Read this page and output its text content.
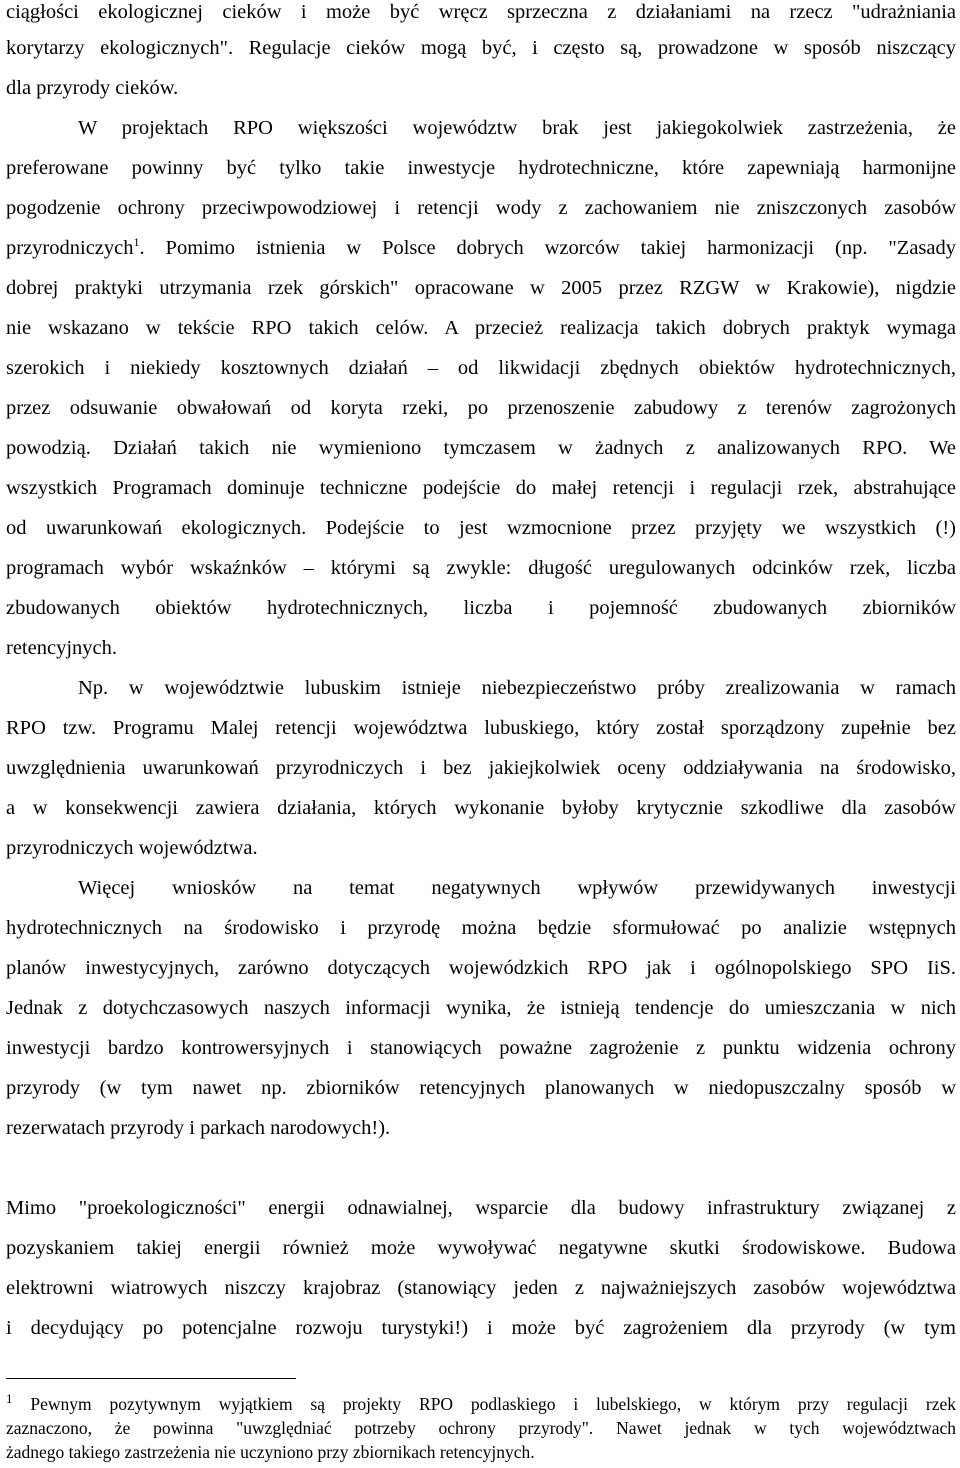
ciągłości ekologicznej cieków i może być wręcz sprzeczna z działaniami na rzecz "udrażniania
korytarzy ekologicznych". Regulacje cieków mogą być, i często są, prowadzone w sposób niszczący
dla przyrody cieków.
W projektach RPO większości województw brak jest jakiegokolwiek zastrzeżenia, że
preferowane powinny być tylko takie inwestycje hydrotechniczne, które zapewniają harmonijne
pogodzenie ochrony przeciwpowodziowej i retencji wody z zachowaniem nie zniszczonych zasobów
przyrodniczych$^1$. Pomimo istnienia w Polsce dobrych wzorców takiej harmonizacji (np. "Zasady
dobrej praktyki utrzymania rzek górskich" opracowane w 2005 przez RZGW w Krakowie), nigdzie
nie wskazano w tekście RPO takich celów. A przecież realizacja takich dobrych praktyk wymaga
szerokich i niekiedy kosztownych działań – od likwidacji zbędnych obiektów hydrotechnicznych,
przez odsuwanie obwałowań od koryta rzeki, po przenoszenie zabudowy z terenów zagrożonych
powodzią. Działań takich nie wymieniono tymczasem w żadnych z analizowanych RPO. We
wszystkich Programach dominuje techniczne podejście do małej retencji i regulacji rzek, abstrahujące
od uwarunkowań ekologicznych. Podejście to jest wzmocnione przez przyjęty we wszystkich (!)
programach wybór wskaźnków – którymi są zwykle: długość uregulowanych odcinków rzek, liczba
zbudowanych obiektów hydrotechnicznych, liczba i pojemność zbudowanych zbiorników
retencyjnych.
Np. w województwie lubuskim istnieje niebezpieczeństwo próby zrealizowania w ramach
RPO tzw. Programu Malej retencji województwa lubuskiego, który został sporządzony zupełnie bez
uwzględnienia uwarunkowań przyrodniczych i bez jakiejkolwiek oceny oddziaływania na środowisko,
a w konsekwencji zawiera działania, których wykonanie byłoby krytycznie szkodliwe dla zasobów
przyrodniczych województwa.
Więcej wniosków na temat negatywnych wpływów przewidywanych inwestycji
hydrotechnicznych na środowisko i przyrodę można będzie sformułować po analizie wstępnych
planów inwestycyjnych, zarówno dotyczących wojewódzkich RPO jak i ogólnopolskiego SPO IiS.
Jednak z dotychczasowych naszych informacji wynika, że istnieją tendencje do umieszczania w nich
inwestycji bardzo kontrowersyjnych i stanowiących poważne zagrożenie z punktu widzenia ochrony
przyrody (w tym nawet np. zbiorników retencyjnych planowanych w niedopuszczalny sposób w
rezerwatach przyrody i parkach narodowych!).
Mimo "proekologiczności" energii odnawialnej, wsparcie dla budowy infrastruktury związanej z
pozyskaniem takiej energii również może wywoływać negatywne skutki środowiskowe. Budowa
elektrowni wiatrowych niszczy krajobraz (stanowiący jeden z najważniejszych zasobów województwa
i decydujący po potencjalne rozwoju turystyki!) i może być zagrożeniem dla przyrody (w tym
$^1$ Pewnym pozytywnym wyjątkiem są projekty RPO podlaskiego i lubelskiego, w którym przy regulacji rzek
zaznaczono, że powinna "uwzględniać potrzeby ochrony przyrody". Nawet jednak w tych województwach
żadnego takiego zastrzeżenia nie uczyniono przy zbiornikach retencyjnych.
